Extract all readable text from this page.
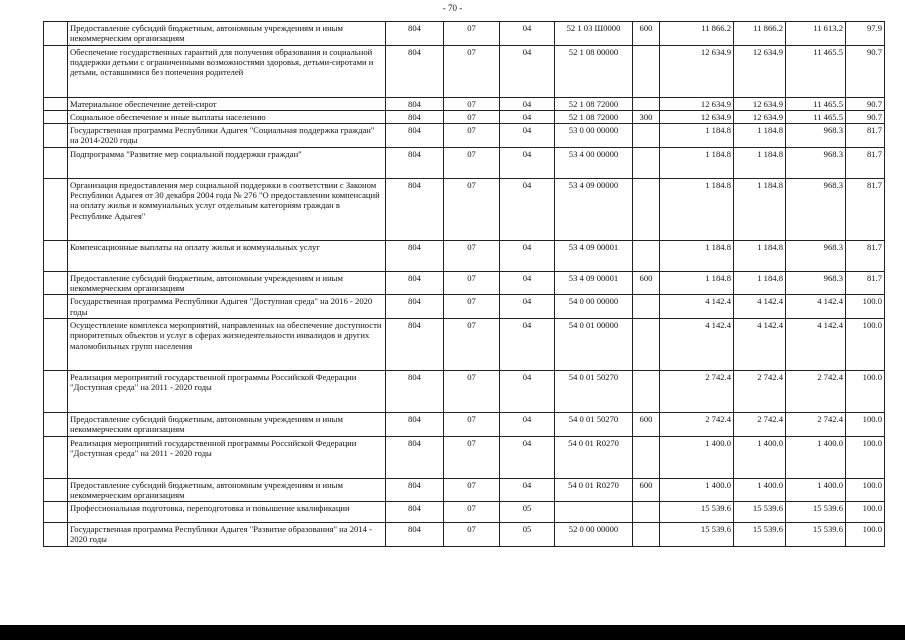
- 70 -
	Предоставление субсидий бюджетным, автономным учреждениям и иным некоммерческим организациям	804	07	04	52 1 03 Ш0000	600	11 866.2	11 866.2	11 613.2	97.9
	Обеспечение государственных гарантий для получения образования и социальной поддержки детьми с ограниченными возможностями здоровья, детьми-сиротами и детьми, оставшимися без попечения родителей	804	07	04	52 1 08 00000		12 634.9	12 634.9	11 465.5	90.7
	Материальное обеспечение детей-сирот	804	07	04	52 1 08 72000		12 634.9	12 634.9	11 465.5	90.7
	Социальное обеспечение и иные выплаты населению	804	07	04	52 1 08 72000	300	12 634.9	12 634.9	11 465.5	90.7
	Государственная программа Республики Адыгея "Социальная поддержка граждан" на 2014-2020 годы	804	07	04	53 0 00 00000		1 184.8	1 184.8	968.3	81.7
	Подпрограмма "Развитие мер социальной поддержки граждан"	804	07	04	53 4 00 00000		1 184.8	1 184.8	968.3	81.7
	Организация предоставления мер социальной поддержки в соответствии с Законом Республики Адыгея от 30 декабря 2004 года № 276 "О предоставлении компенсаций на оплату жилья и коммунальных услуг отдельным категориям граждан в Республике Адыгея"	804	07	04	53 4 09 00000		1 184.8	1 184.8	968.3	81.7
	Компенсационные выплаты на оплату жилья и коммунальных услуг	804	07	04	53 4 09 00001		1 184.8	1 184.8	968.3	81.7
	Предоставление субсидий бюджетным, автономным учреждениям и иным некоммерческим организациям	804	07	04	53 4 09 00001	600	1 184.8	1 184.8	968.3	81.7
	Государственная программа Республики Адыгея "Доступная среда" на 2016 - 2020 годы	804	07	04	54 0 00 00000		4 142.4	4 142.4	4 142.4	100.0
	Осуществление комплекса мероприятий, направленных на обеспечение доступности приоритетных объектов и услуг в сферах жизнедеятельности инвалидов и других маломобильных групп населения	804	07	04	54 0 01 00000		4 142.4	4 142.4	4 142.4	100.0
	Реализация мероприятий государственной программы Российской Федерации "Доступная среда" на 2011 - 2020 годы	804	07	04	54 0 01 50270		2 742.4	2 742.4	2 742.4	100.0
	Предоставление субсидий бюджетным, автономным учреждениям и иным некоммерческим организациям	804	07	04	54 0 01 50270	600	2 742.4	2 742.4	2 742.4	100.0
	Реализация мероприятий государственной программы Российской Федерации "Доступная среда" на 2011 - 2020 годы	804	07	04	54 0 01 R0270		1 400.0	1 400.0	1 400.0	100.0
	Предоставление субсидий бюджетным, автономным учреждениям и иным некоммерческим организациям	804	07	04	54 0 01 R0270	600	1 400.0	1 400.0	1 400.0	100.0
	Профессиональная подготовка, переподготовка и повышение квалификации	804	07	05			15 539.6	15 539.6	15 539.6	100.0
	Государственная программа Республики Адыгея "Развитие образования" на 2014 - 2020 годы	804	07	05	52 0 00 00000		15 539.6	15 539.6	15 539.6	100.0
